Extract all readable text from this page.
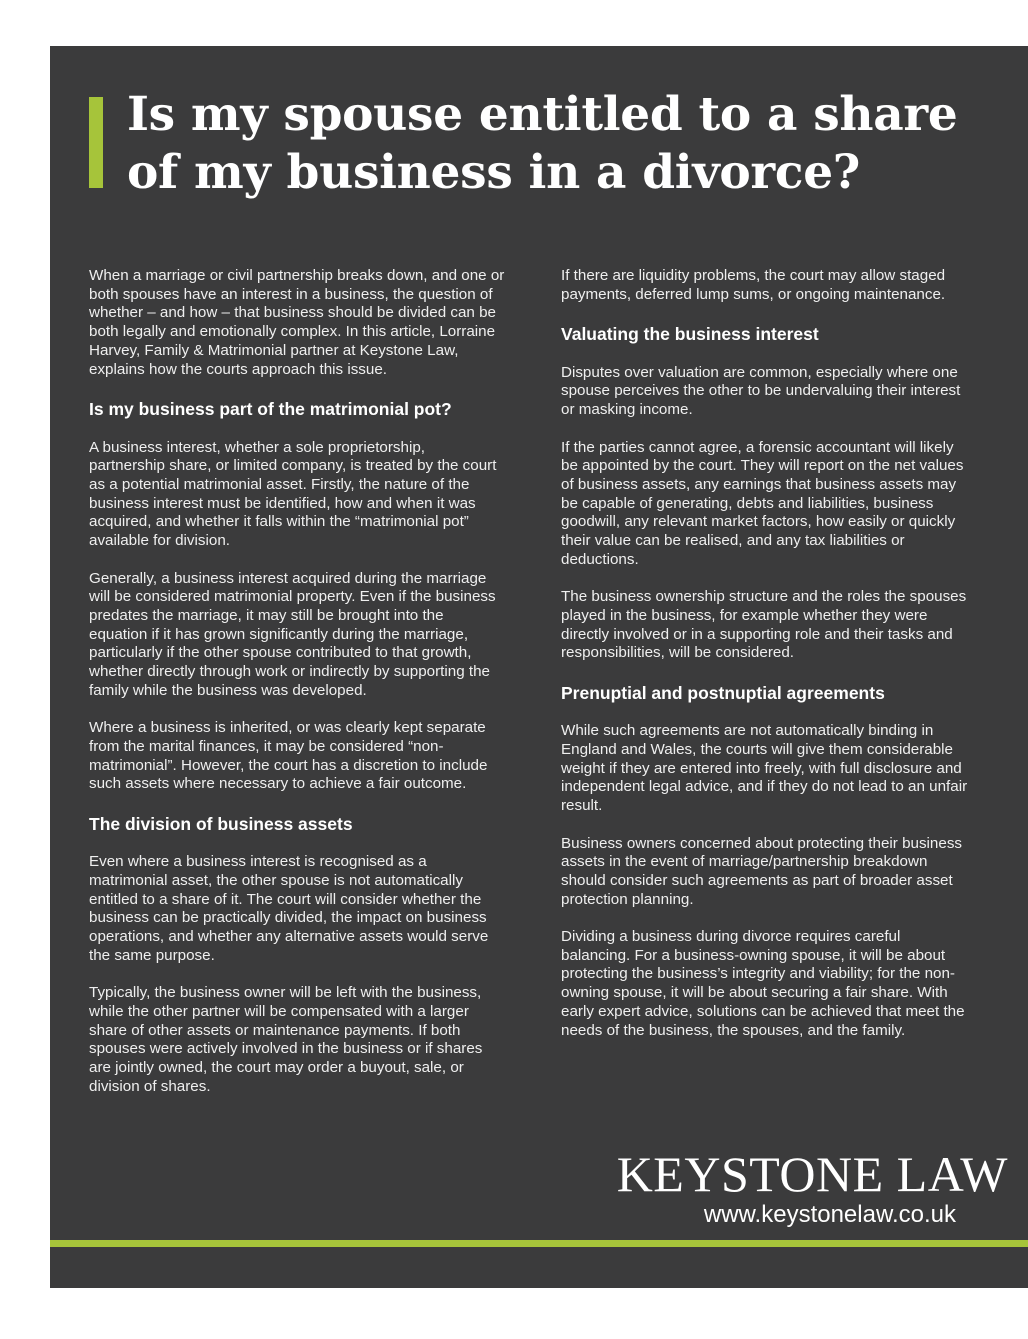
Is my spouse entitled to a share of my business in a divorce?

When a marriage or civil partnership breaks down, and one or both spouses have an interest in a business, the question of whether – and how – that business should be divided can be both legally and emotionally complex. In this article, Lorraine Harvey, Family & Matrimonial partner at Keystone Law, explains how the courts approach this issue.

Is my business part of the matrimonial pot?

A business interest, whether a sole proprietorship, partnership share, or limited company, is treated by the court as a potential matrimonial asset. Firstly, the nature of the business interest must be identified, how and when it was acquired, and whether it falls within the “matrimonial pot” available for division.

Generally, a business interest acquired during the marriage will be considered matrimonial property. Even if the business predates the marriage, it may still be brought into the equation if it has grown significantly during the marriage, particularly if the other spouse contributed to that growth, whether directly through work or indirectly by supporting the family while the business was developed.

Where a business is inherited, or was clearly kept separate from the marital finances, it may be considered “non-matrimonial”. However, the court has a discretion to include such assets where necessary to achieve a fair outcome.

The division of business assets

Even where a business interest is recognised as a matrimonial asset, the other spouse is not automatically entitled to a share of it. The court will consider whether the business can be practically divided, the impact on business operations, and whether any alternative assets would serve the same purpose.

Typically, the business owner will be left with the business, while the other partner will be compensated with a larger share of other assets or maintenance payments. If both spouses were actively involved in the business or if shares are jointly owned, the court may order a buyout, sale, or division of shares.

If there are liquidity problems, the court may allow staged payments, deferred lump sums, or ongoing maintenance.

Valuating the business interest

Disputes over valuation are common, especially where one spouse perceives the other to be undervaluing their interest or masking income.

If the parties cannot agree, a forensic accountant will likely be appointed by the court. They will report on the net values of business assets, any earnings that business assets may be capable of generating, debts and liabilities, business goodwill, any relevant market factors, how easily or quickly their value can be realised, and any tax liabilities or deductions.

The business ownership structure and the roles the spouses played in the business, for example whether they were directly involved or in a supporting role and their tasks and responsibilities, will be considered.

Prenuptial and postnuptial agreements

While such agreements are not automatically binding in England and Wales, the courts will give them considerable weight if they are entered into freely, with full disclosure and independent legal advice, and if they do not lead to an unfair result.

Business owners concerned about protecting their business assets in the event of marriage/partnership breakdown should consider such agreements as part of broader asset protection planning.

Dividing a business during divorce requires careful balancing. For a business-owning spouse, it will be about protecting the business’s integrity and viability; for the non-owning spouse, it will be about securing a fair share. With early expert advice, solutions can be achieved that meet the needs of the business, the spouses, and the family.

KEYSTONE LAW
www.keystonelaw.co.uk
